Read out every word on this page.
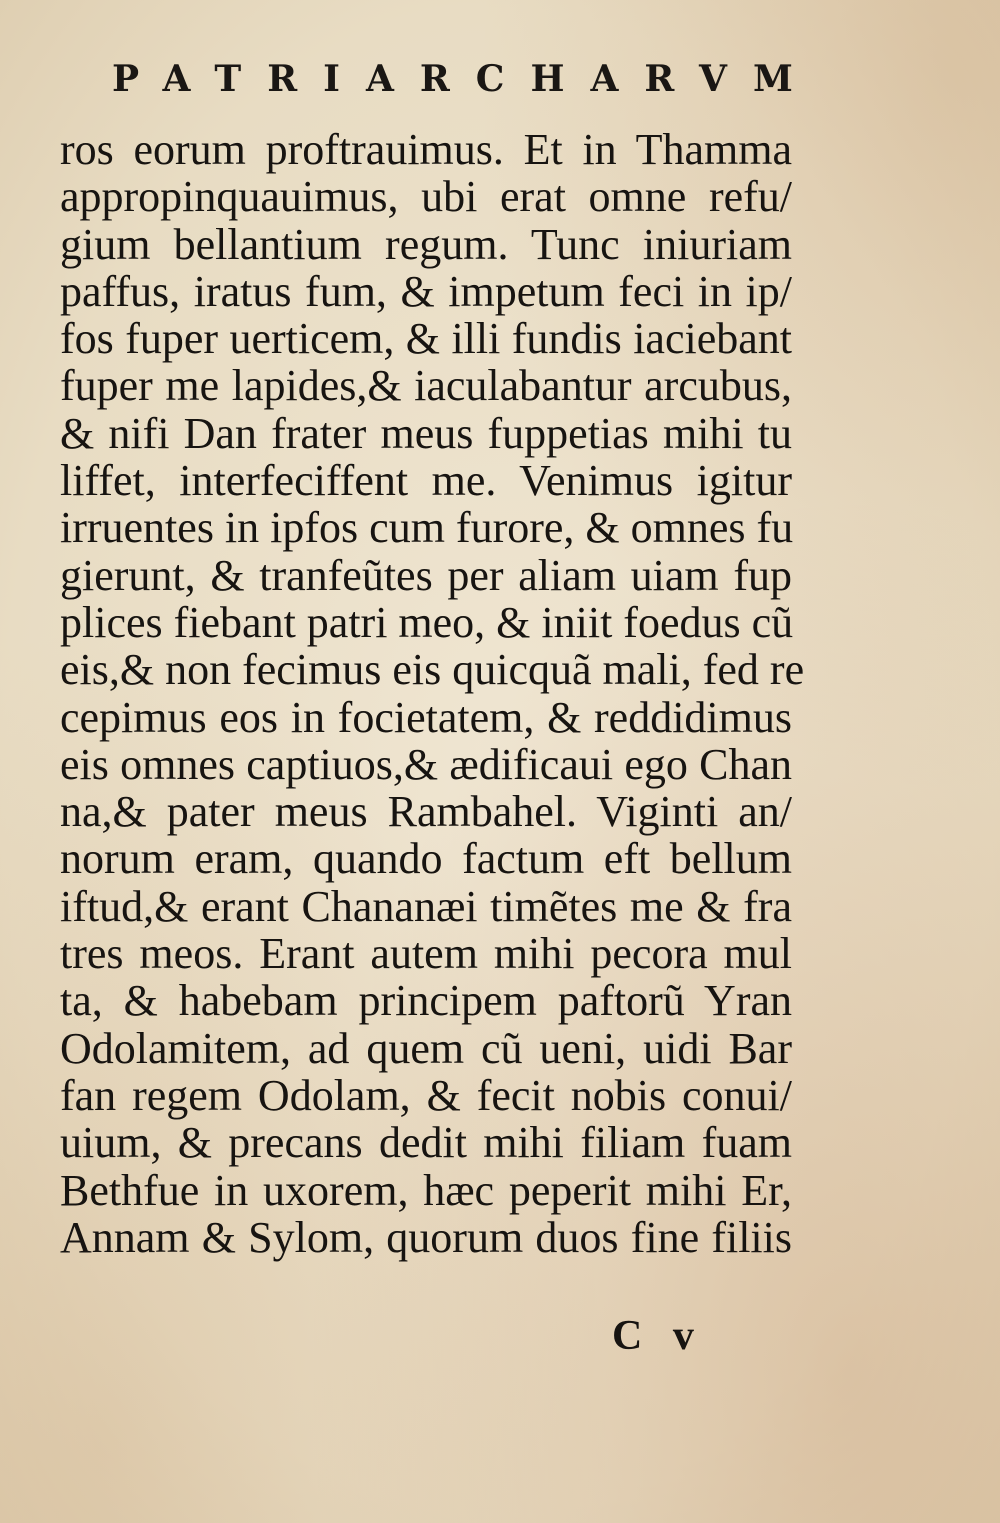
PATRIARCHARVM
ros eorum proftrauimus. Et in Thamma
appropinquauimus, ubi erat omne refu/
gium bellantium regum. Tunc iniuriam
paffus, iratus fum, & impetum feci in ip/
fos fuper uerticem, & illi fundis iaciebant
fuper me lapides,& iaculabantur arcubus,
& nifi Dan frater meus fuppetias mihi tu
liffet, interfeciffent me. Venimus igitur
irruentes in ipfos cum furore, & omnes fu
gierunt, & tranfeũtes per aliam uiam fup
plices fiebant patri meo, & iniit foedus cũ
eis,& non fecimus eis quicquã mali, fed re
cepimus eos in focietatem, & reddidimus
eis omnes captiuos,& ædificaui ego Chan
na,& pater meus Rambahel. Viginti an/
norum eram, quando factum eft bellum
iftud,& erant Chananæi timẽtes me & fra
tres meos. Erant autem mihi pecora mul
ta, & habebam principem paftorũ Yran
Odolamitem, ad quem cũ ueni, uidi Bar
fan regem Odolam, & fecit nobis conui/
uium, & precans dedit mihi filiam fuam
Bethfue in uxorem, hæc peperit mihi Er,
Annam & Sylom, quorum duos fine filiis
C v
